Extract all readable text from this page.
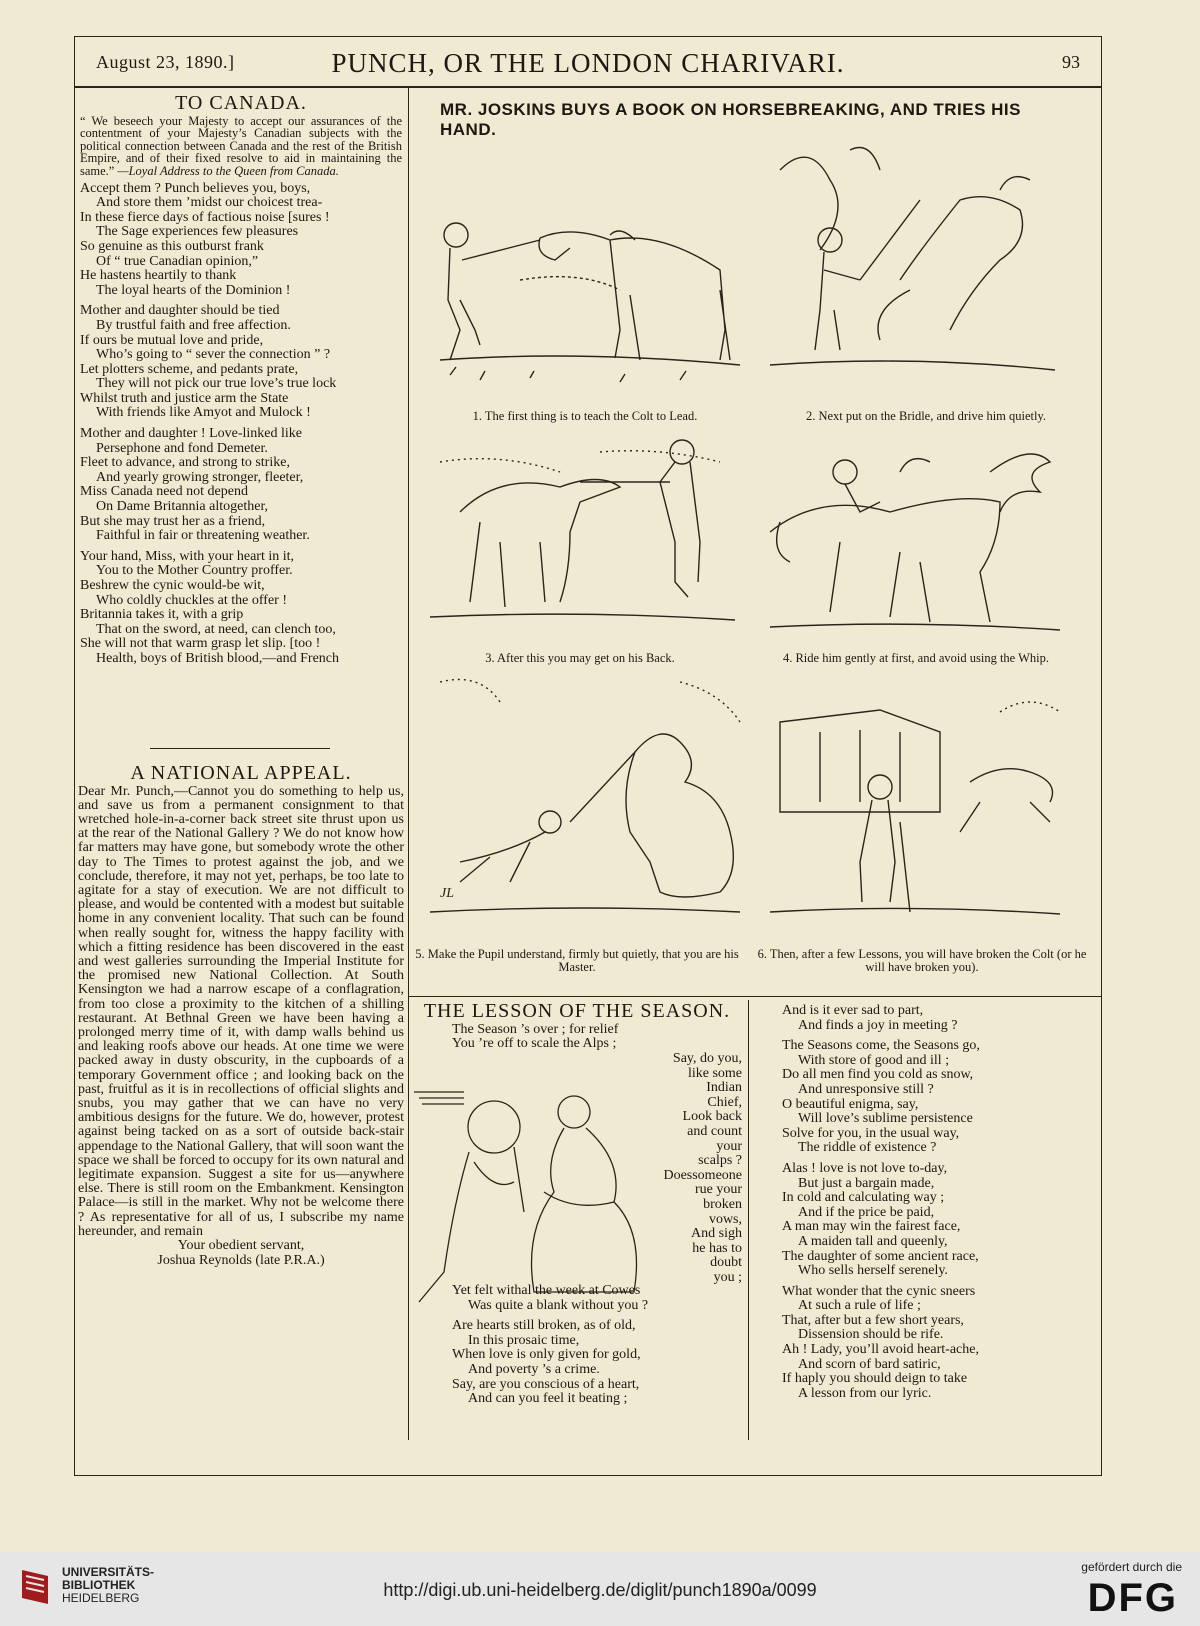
August 23, 1890.]	PUNCH, OR THE LONDON CHARIVARI.	93
TO CANADA.
“ We beseech your Majesty to accept our assurances of the contentment of your Majesty’s Canadian subjects with the political connection between Canada and the rest of the British Empire, and of their fixed resolve to aid in maintaining the same.” —Loyal Address to the Queen from Canada.

Accept them ? Punch believes you, boys,

And store them ’midst our choicest trea-

In these fierce days of factious noise [sures !

The Sage experiences few pleasures

So genuine as this outburst frank

Of “ true Canadian opinion,”

He hastens heartily to thank

The loyal hearts of the Dominion !

Mother and daughter should be tied

By trustful faith and free affection.

If ours be mutual love and pride,

Who’s going to “ sever the connection ” ?

Let plotters scheme, and pedants prate,

They will not pick our true love’s true lock

Whilst truth and justice arm the State

With friends like Amyot and Mulock !

Mother and daughter ! Love-linked like

Persephone and fond Demeter.

Fleet to advance, and strong to strike,

And yearly growing stronger, fleeter,

Miss Canada need not depend

On Dame Britannia altogether,

But she may trust her as a friend,

Faithful in fair or threatening weather.

Your hand, Miss, with your heart in it,

You to the Mother Country proffer.

Beshrew the cynic would-be wit,

Who coldly chuckles at the offer !

Britannia takes it, with a grip

That on the sword, at need, can clench too,

She will not that warm grasp let slip. [too !

Health, boys of British blood,—and French

A NATIONAL APPEAL.

Dear Mr. Punch,—Cannot you do something to help us, and save us from a permanent consignment to that wretched hole-in-a-corner back street site thrust upon us at the rear of the National Gallery ? We do not know how far matters may have gone, but somebody wrote the other day to The Times to protest against the job, and we conclude, therefore, it may not yet, perhaps, be too late to agitate for a stay of execution. We are not difficult to please, and would be contented with a modest but suitable home in any convenient locality. That such can be found when really sought for, witness the happy facility with which a fitting residence has been discovered in the east and west galleries surrounding the Imperial Institute for the promised new National Collection. At South Kensington we had a narrow escape of a conflagration, from too close a proximity to the kitchen of a shilling restaurant. At Bethnal Green we have been having a prolonged merry time of it, with damp walls behind us and leaking roofs above our heads. At one time we were packed away in dusty obscurity, in the cupboards of a temporary Government office ; and looking back on the past, fruitful as it is in recollections of official slights and snubs, you may gather that we can have no very ambitious designs for the future. We do, however, protest against being tacked on as a sort of outside back-stair appendage to the National Gallery, that will soon want the space we shall be forced to occupy for its own natural and legitimate expansion. Suggest a site for us—anywhere else. There is still room on the Embankment. Kensington Palace—is still in the market. Why not be welcome there ? As representative for all of us, I subscribe my name hereunder, and remain

Your obedient servant,

Joshua Reynolds (late P.R.A.)

MR. JOSKINS BUYS A BOOK ON HORSEBREAKING, AND TRIES HIS HAND.
1. The first thing is to teach the Colt to Lead.	2. Next put on the Bridle, and drive him quietly.
3. After this you may get on his Back.	4. Ride him gently at first, and avoid using the Whip.
JL
5. Make the Pupil understand, firmly but quietly, that you are his Master.
6. Then, after a few Lessons, you will have broken the Colt (or he will have broken you).
THE LESSON OF THE SEASON.

The Season ’s over ; for relief

You ’re off to scale the Alps ;

Say, do you,

like some

Indian

Chief,

Look back

and count

your

scalps ?

Doessomeone

rue your

broken

vows,

And sigh

he has to

doubt

you ;

Yet felt withal the week at Cowes

Was quite a blank without you ?

Are hearts still broken, as of old,

In this prosaic time,

When love is only given for gold,

And poverty ’s a crime.

Say, are you conscious of a heart,

And can you feel it beating ;

And is it ever sad to part,

And finds a joy in meeting ?

The Seasons come, the Seasons go,

With store of good and ill ;

Do all men find you cold as snow,

And unresponsive still ?

O beautiful enigma, say,

Will love’s sublime persistence

Solve for you, in the usual way,

The riddle of existence ?

Alas ! love is not love to-day,

But just a bargain made,

In cold and calculating way ;

And if the price be paid,

A man may win the fairest face,

A maiden tall and queenly,

The daughter of some ancient race,

Who sells herself serenely.

What wonder that the cynic sneers

At such a rule of life ;

That, after but a few short years,

Dissension should be rife.

Ah ! Lady, you’ll avoid heart-ache,

And scorn of bard satiric,

If haply you should deign to take

A lesson from our lyric.

UNIVERSITÄTS-
BIBLIOTHEK
HEIDELBERG	http://digi.ub.uni-heidelberg.de/diglit/punch1890a/0099
gefördert durch die
DFG
